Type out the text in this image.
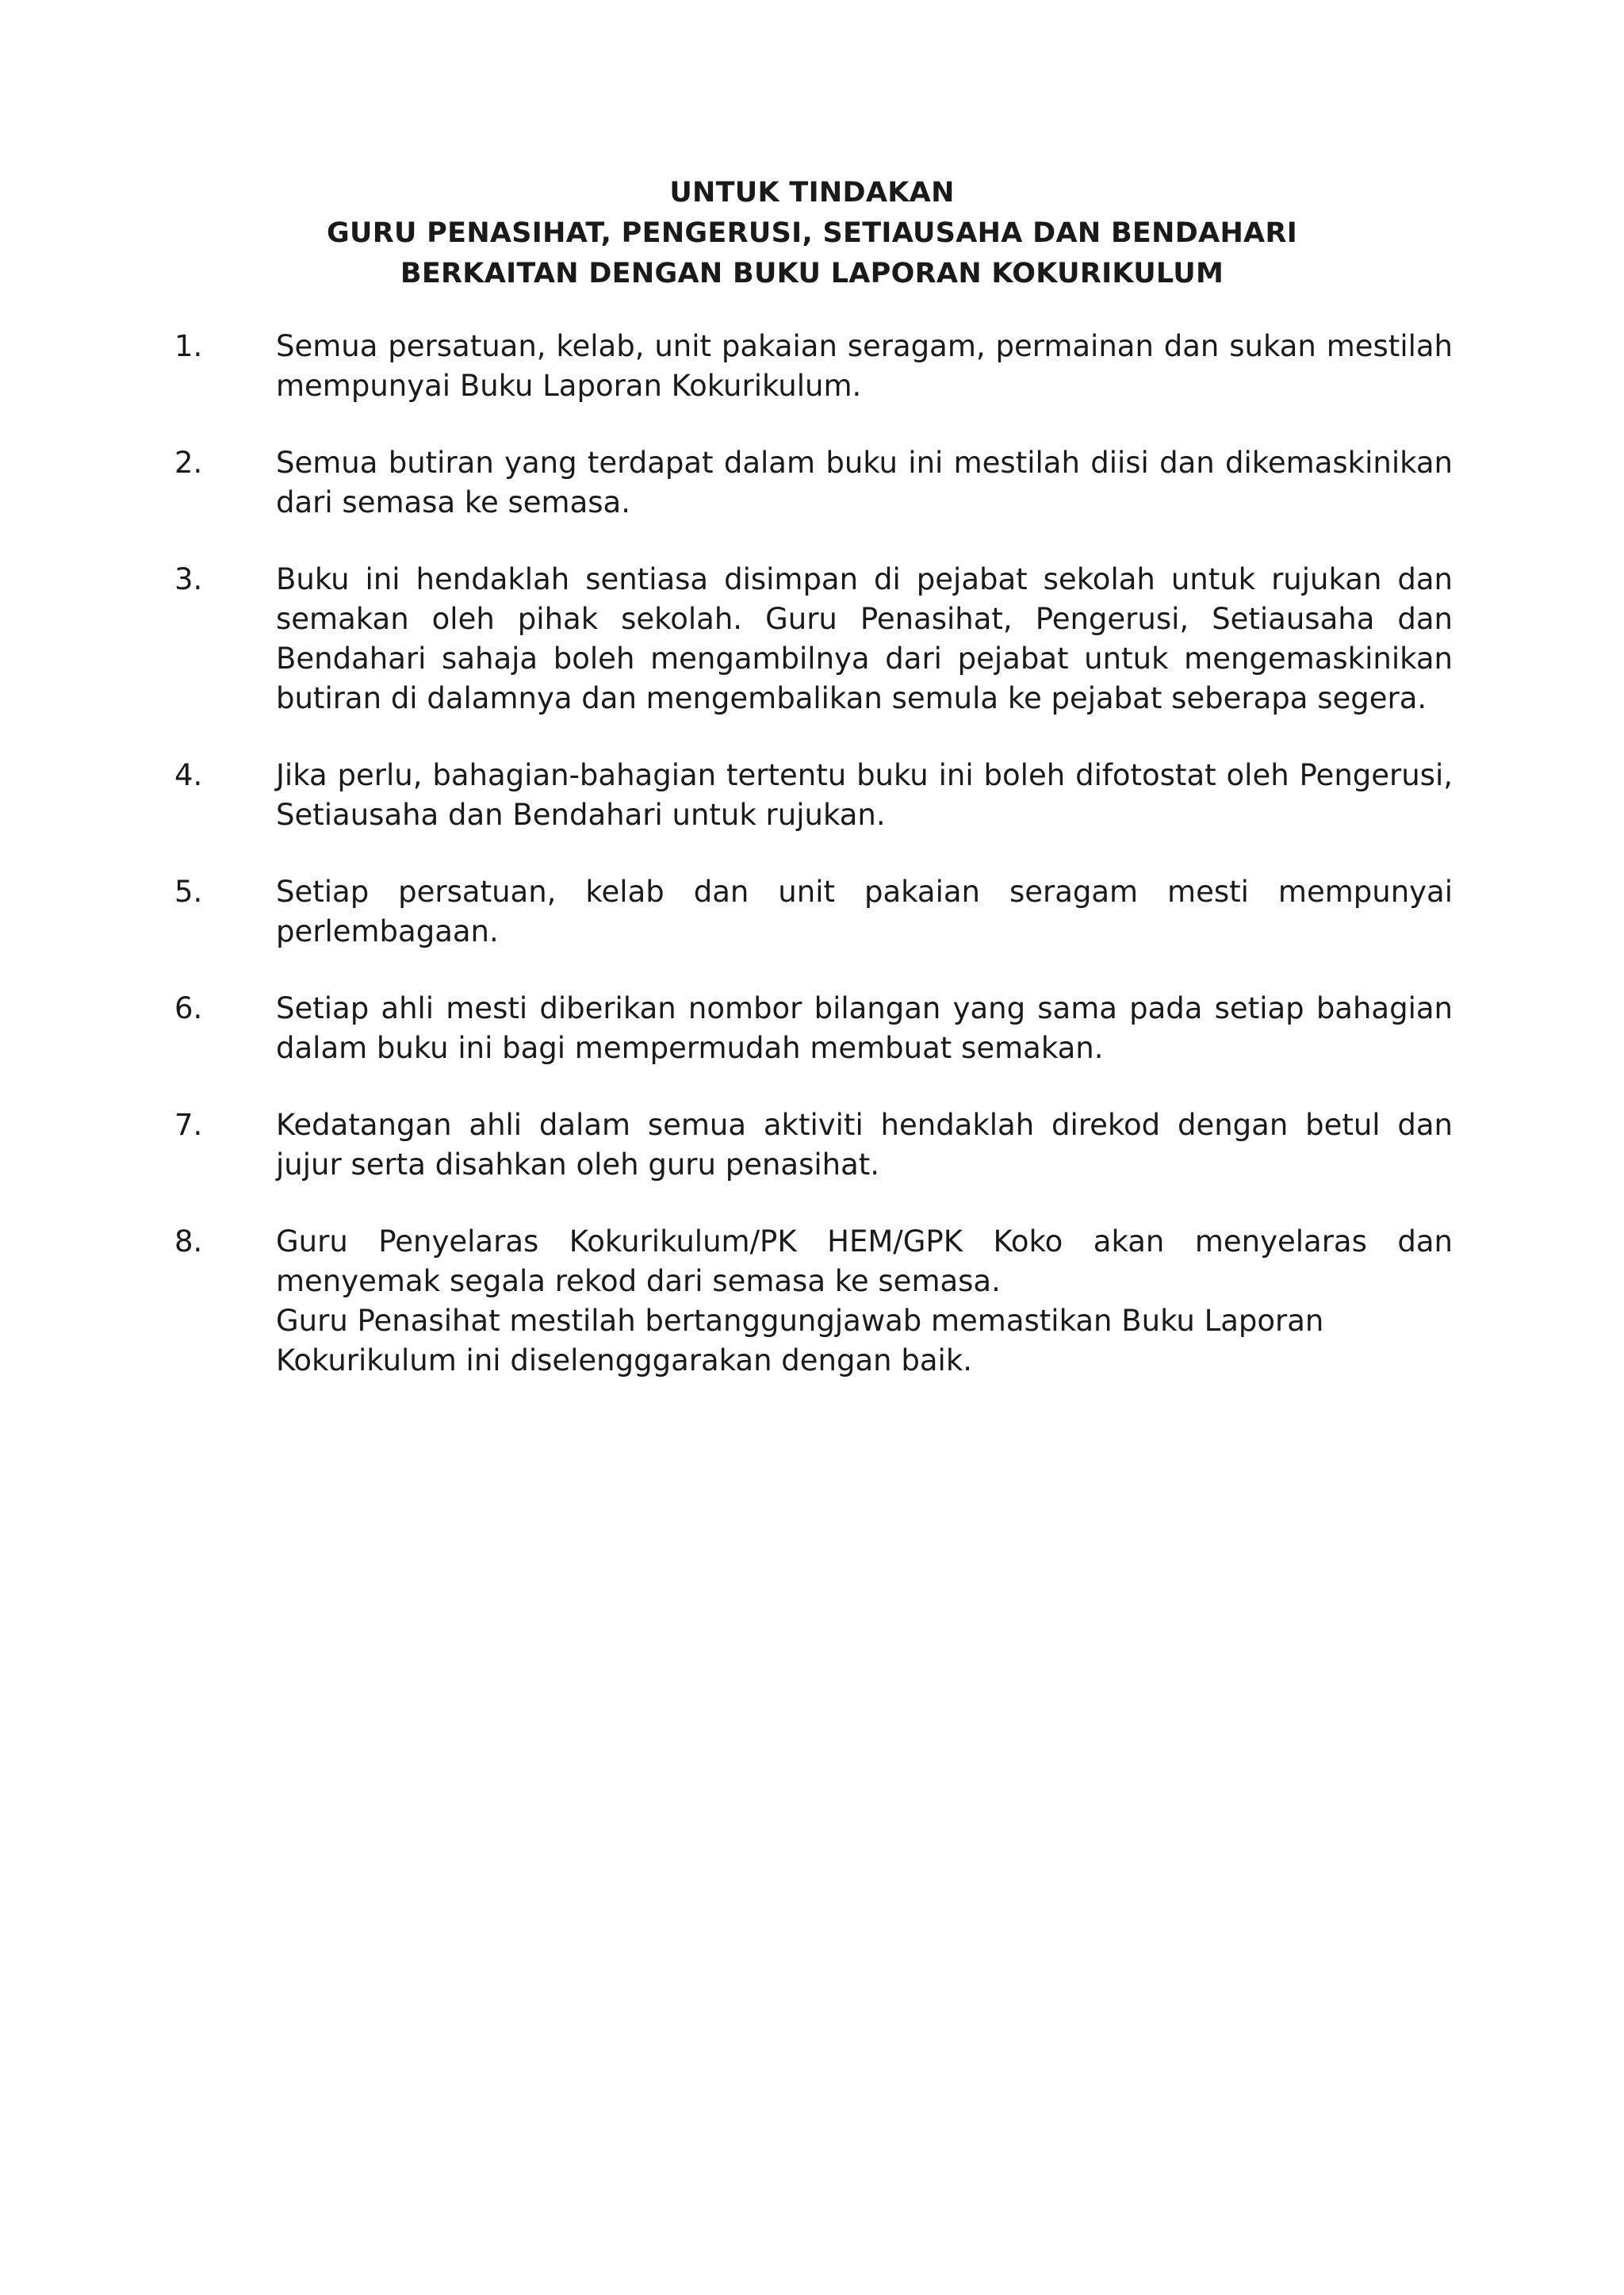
UNTUK TINDAKAN
GURU PENASIHAT, PENGERUSI, SETIAUSAHA DAN BENDAHARI
BERKAITAN DENGAN BUKU LAPORAN KOKURIKULUM
1.	Semua persatuan, kelab, unit pakaian seragam, permainan dan sukan mestilah mempunyai Buku Laporan Kokurikulum.
2.	Semua butiran yang terdapat dalam buku ini mestilah diisi dan dikemaskinikan dari semasa ke semasa.
3.	Buku ini hendaklah sentiasa disimpan di pejabat sekolah untuk rujukan dan semakan oleh pihak sekolah. Guru Penasihat, Pengerusi, Setiausaha dan Bendahari sahaja boleh mengambilnya dari pejabat untuk mengemaskinikan butiran di dalamnya dan mengembalikan semula ke pejabat seberapa segera.
4.	Jika perlu, bahagian-bahagian tertentu buku ini boleh difotostat oleh Pengerusi, Setiausaha dan Bendahari untuk rujukan.
5.	Setiap persatuan, kelab dan unit pakaian seragam mesti mempunyai perlembagaan.
6.	Setiap ahli mesti diberikan nombor bilangan yang sama pada setiap bahagian dalam buku ini bagi mempermudah membuat semakan.
7.	Kedatangan ahli dalam semua aktiviti hendaklah direkod dengan betul dan jujur serta disahkan oleh guru penasihat.
8.	Guru Penyelaras Kokurikulum/PK HEM/GPK Koko akan menyelaras dan menyemak segala rekod dari semasa ke semasa.
Guru Penasihat mestilah bertanggungjawab memastikan Buku Laporan Kokurikulum ini diselengggarakan dengan baik.
